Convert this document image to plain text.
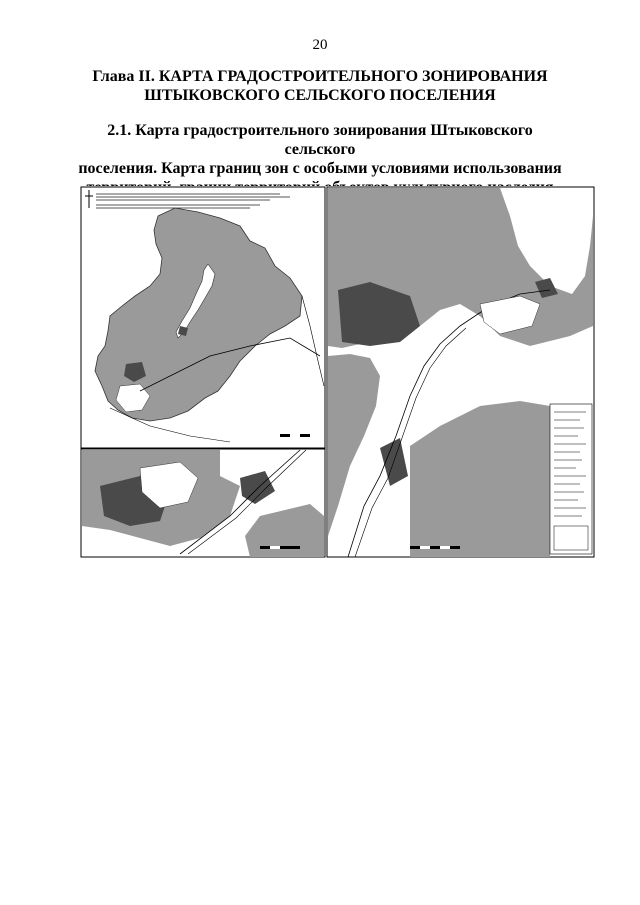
20
Глава II. КАРТА ГРАДОСТРОИТЕЛЬНОГО ЗОНИРОВАНИЯ
ШТЫКОВСКОГО СЕЛЬСКОГО ПОСЕЛЕНИЯ
2.1. Карта градостроительного зонирования Штыковского сельского
поселения. Карта границ зон с особыми условиями использования
